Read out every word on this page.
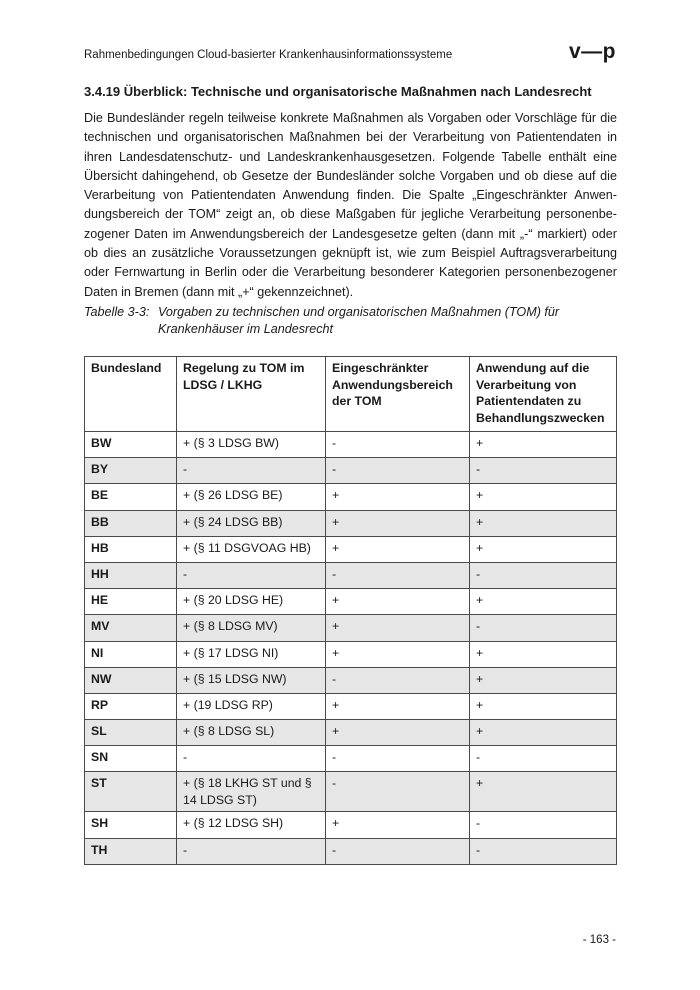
Rahmenbedingungen Cloud-basierter Krankenhausinformationssysteme	v—p
3.4.19 Überblick: Technische und organisatorische Maßnahmen nach Landesrecht

Die Bundesländer regeln teilweise konkrete Maßnahmen als Vorgaben oder Vorschläge für die technischen und organisatorischen Maßnahmen bei der Verarbeitung von Patientendaten in ihren Landesdatenschutz- und Landeskrankenhausgesetzen. Folgende Tabelle enthält eine Übersicht dahingehend, ob Gesetze der Bundesländer solche Vorgaben und ob diese auf die Verarbeitung von Patientendaten Anwendung finden. Die Spalte „Eingeschränkter Anwendungsbereich der TOM“ zeigt an, ob diese Maßgaben für jegliche Verarbeitung personenbezogener Daten im Anwendungsbereich der Landesgesetze gelten (dann mit „-“ markiert) oder ob dies an zusätzliche Voraussetzungen geknüpft ist, wie zum Beispiel Auftragsverarbeitung oder Fernwartung in Berlin oder die Verarbeitung besonderer Kategorien personenbezogener Daten in Bremen (dann mit „+“ gekennzeichnet).

Tabelle 3-3: Vorgaben zu technischen und organisatorischen Maßnahmen (TOM) für Krankenhäuser im Landesrecht
Bundesland	Regelung zu TOM im LDSG / LKHG	Eingeschränkter Anwendungsbereich der TOM	Anwendung auf die Verarbeitung von Patientendaten zu Behandlungszwecken
BW	+ (§ 3 LDSG BW)	-	+
BY	-	-	-
BE	+ (§ 26 LDSG BE)	+	+
BB	+ (§ 24 LDSG BB)	+	+
HB	+ (§ 11 DSGVOAG HB)	+	+
HH	-	-	-
HE	+ (§ 20 LDSG HE)	+	+
MV	+ (§ 8 LDSG MV)	+	-
NI	+ (§ 17 LDSG NI)	+	+
NW	+ (§ 15 LDSG NW)	-	+
RP	+ (19 LDSG RP)	+	+
SL	+ (§ 8 LDSG SL)	+	+
SN	-	-	-
ST	+ (§ 18 LKHG ST und § 14 LDSG ST)	-	+
SH	+ (§ 12 LDSG SH)	+	-
TH	-	-	-
- 163 -
